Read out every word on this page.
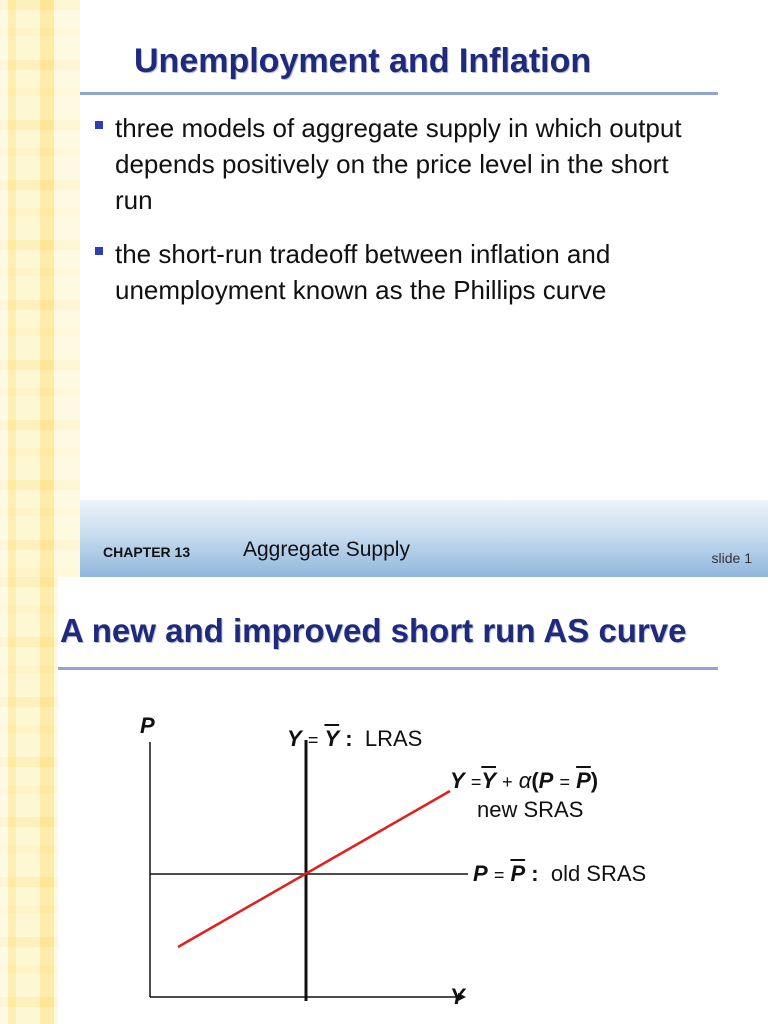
Unemployment and Inflation
three models of aggregate supply in which output depends positively on the price level in the short run
the short-run tradeoff between inflation and unemployment known as the Phillips curve
CHAPTER 13	Aggregate Supply	slide 1
A new and improved short run AS curve
P
Y
$Y = \overline{Y}$ : LRAS
$Y =\overline{Y} + \alpha(P = \overline{P})$
new SRAS
$P = \overline{P}$ : old SRAS
